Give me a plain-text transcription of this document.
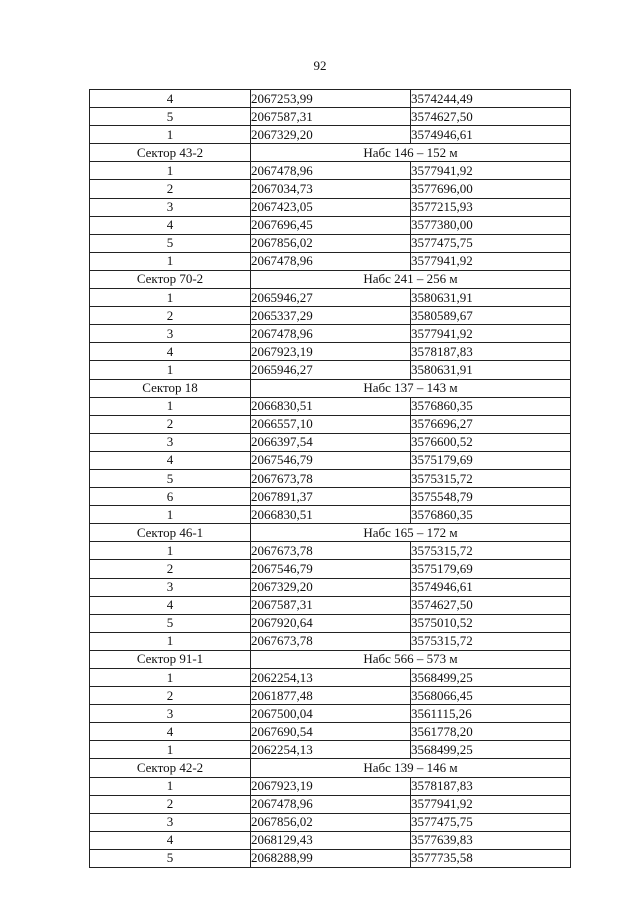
92
4	2067253,99	3574244,49
5	2067587,31	3574627,50
1	2067329,20	3574946,61
Сектор 43-2	Набс 146 – 152 м	
1	2067478,96	3577941,92
2	2067034,73	3577696,00
3	2067423,05	3577215,93
4	2067696,45	3577380,00
5	2067856,02	3577475,75
1	2067478,96	3577941,92
Сектор 70-2	Набс 241 – 256 м	
1	2065946,27	3580631,91
2	2065337,29	3580589,67
3	2067478,96	3577941,92
4	2067923,19	3578187,83
1	2065946,27	3580631,91
Сектор 18	Набс 137 – 143 м	
1	2066830,51	3576860,35
2	2066557,10	3576696,27
3	2066397,54	3576600,52
4	2067546,79	3575179,69
5	2067673,78	3575315,72
6	2067891,37	3575548,79
1	2066830,51	3576860,35
Сектор 46-1	Набс 165 – 172 м	
1	2067673,78	3575315,72
2	2067546,79	3575179,69
3	2067329,20	3574946,61
4	2067587,31	3574627,50
5	2067920,64	3575010,52
1	2067673,78	3575315,72
Сектор 91-1	Набс 566 – 573 м	
1	2062254,13	3568499,25
2	2061877,48	3568066,45
3	2067500,04	3561115,26
4	2067690,54	3561778,20
1	2062254,13	3568499,25
Сектор 42-2	Набс 139 – 146 м	
1	2067923,19	3578187,83
2	2067478,96	3577941,92
3	2067856,02	3577475,75
4	2068129,43	3577639,83
5	2068288,99	3577735,58
